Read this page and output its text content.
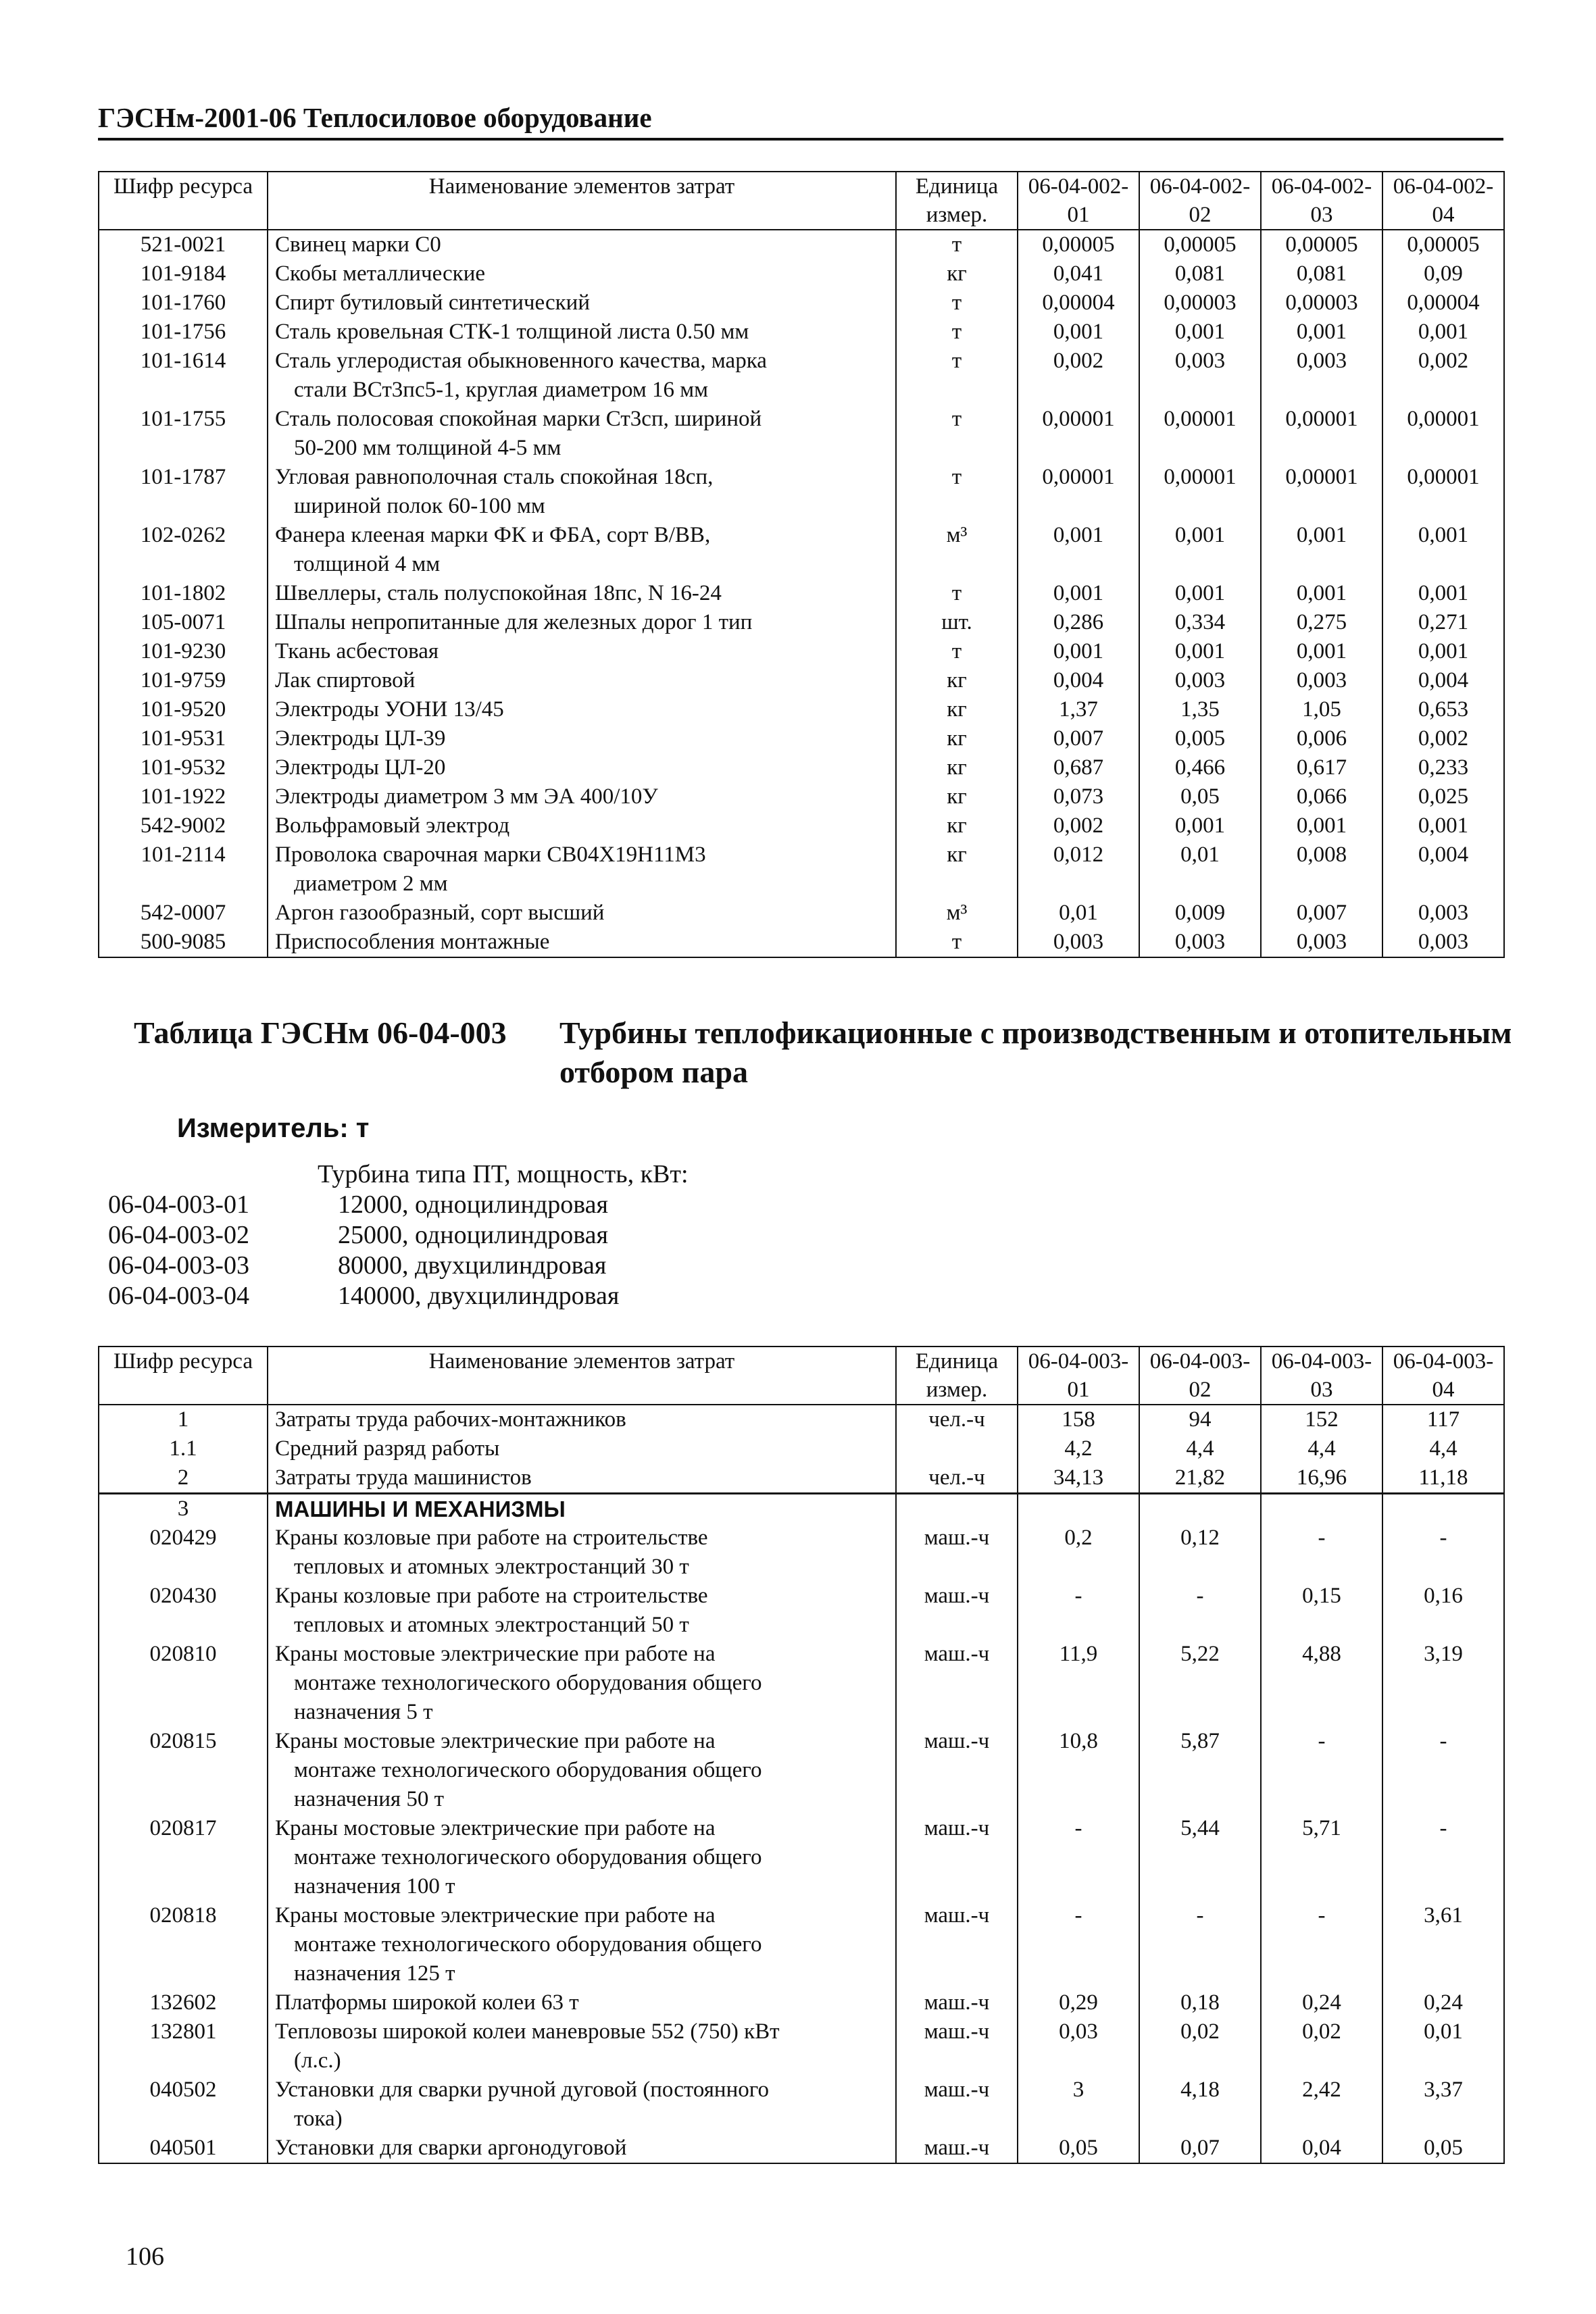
ГЭСНм-2001-06 Теплосиловое оборудование
Шифр ресурса	Наименование элементов затрат	Единица измер.	06-04-002-01	06-04-002-02	06-04-002-03	06-04-002-04
521-0021	Свинец марки С0	т	0,00005	0,00005	0,00005	0,00005
101-9184	Скобы металлические	кг	0,041	0,081	0,081	0,09
101-1760	Спирт бутиловый синтетический	т	0,00004	0,00003	0,00003	0,00004
101-1756	Сталь кровельная СТК-1 толщиной листа 0.50 мм	т	0,001	0,001	0,001	0,001
101-1614	Сталь углеродистая обыкновенного качества, марка
стали ВСт3пс5-1, круглая диаметром 16 мм	т	0,002	0,003	0,003	0,002
101-1755	Сталь полосовая спокойная марки Ст3сп, шириной
50-200 мм толщиной 4-5 мм	т	0,00001	0,00001	0,00001	0,00001
101-1787	Угловая равнополочная сталь спокойная 18сп,
шириной полок 60-100 мм	т	0,00001	0,00001	0,00001	0,00001
102-0262	Фанера клееная марки ФК и ФБА, сорт В/ВВ,
толщиной 4 мм	м³	0,001	0,001	0,001	0,001
101-1802	Швеллеры, сталь полуспокойная 18пс, N 16-24	т	0,001	0,001	0,001	0,001
105-0071	Шпалы непропитанные для железных дорог 1 тип	шт.	0,286	0,334	0,275	0,271
101-9230	Ткань асбестовая	т	0,001	0,001	0,001	0,001
101-9759	Лак спиртовой	кг	0,004	0,003	0,003	0,004
101-9520	Электроды УОНИ 13/45	кг	1,37	1,35	1,05	0,653
101-9531	Электроды ЦЛ-39	кг	0,007	0,005	0,006	0,002
101-9532	Электроды ЦЛ-20	кг	0,687	0,466	0,617	0,233
101-1922	Электроды диаметром 3 мм ЭА 400/10У	кг	0,073	0,05	0,066	0,025
542-9002	Вольфрамовый электрод	кг	0,002	0,001	0,001	0,001
101-2114	Проволока сварочная марки СВ04Х19Н11М3
диаметром 2 мм	кг	0,012	0,01	0,008	0,004
542-0007	Аргон газообразный, сорт высший	м³	0,01	0,009	0,007	0,003
500-9085	Приспособления монтажные	т	0,003	0,003	0,003	0,003
Таблица ГЭСНм 06-04-003 Турбины теплофикационные с производственным и отопительным отбором пара
Измеритель: т
Турбина типа ПТ, мощность, кВт:
06-04-003-01	12000, одноцилиндровая
06-04-003-02	25000, одноцилиндровая
06-04-003-03	80000, двухцилиндровая
06-04-003-04	140000, двухцилиндровая
Шифр ресурса	Наименование элементов затрат	Единица измер.	06-04-003-01	06-04-003-02	06-04-003-03	06-04-003-04
1	Затраты труда рабочих-монтажников	чел.-ч	158	94	152	117
1.1	Средний разряд работы		4,2	4,4	4,4	4,4
2	Затраты труда машинистов	чел.-ч	34,13	21,82	16,96	11,18
3	МАШИНЫ И МЕХАНИЗМЫ					

020429	Краны козловые при работе на строительстве
тепловых и атомных электростанций 30 т	маш.-ч	0,2	0,12	-	-
020430	Краны козловые при работе на строительстве
тепловых и атомных электростанций 50 т	маш.-ч	-	-	0,15	0,16
020810	Краны мостовые электрические при работе на
монтаже технологического оборудования общего
назначения 5 т	маш.-ч	11,9	5,22	4,88	3,19
020815	Краны мостовые электрические при работе на
монтаже технологического оборудования общего
назначения 50 т	маш.-ч	10,8	5,87	-	-
020817	Краны мостовые электрические при работе на
монтаже технологического оборудования общего
назначения 100 т	маш.-ч	-	5,44	5,71	-
020818	Краны мостовые электрические при работе на
монтаже технологического оборудования общего
назначения 125 т	маш.-ч	-	-	-	3,61
132602	Платформы широкой колеи 63 т	маш.-ч	0,29	0,18	0,24	0,24
132801	Тепловозы широкой колеи маневровые 552 (750) кВт
(л.с.)	маш.-ч	0,03	0,02	0,02	0,01
040502	Установки для сварки ручной дуговой (постоянного
тока)	маш.-ч	3	4,18	2,42	3,37
040501	Установки для сварки аргонодуговой	маш.-ч	0,05	0,07	0,04	0,05
106
